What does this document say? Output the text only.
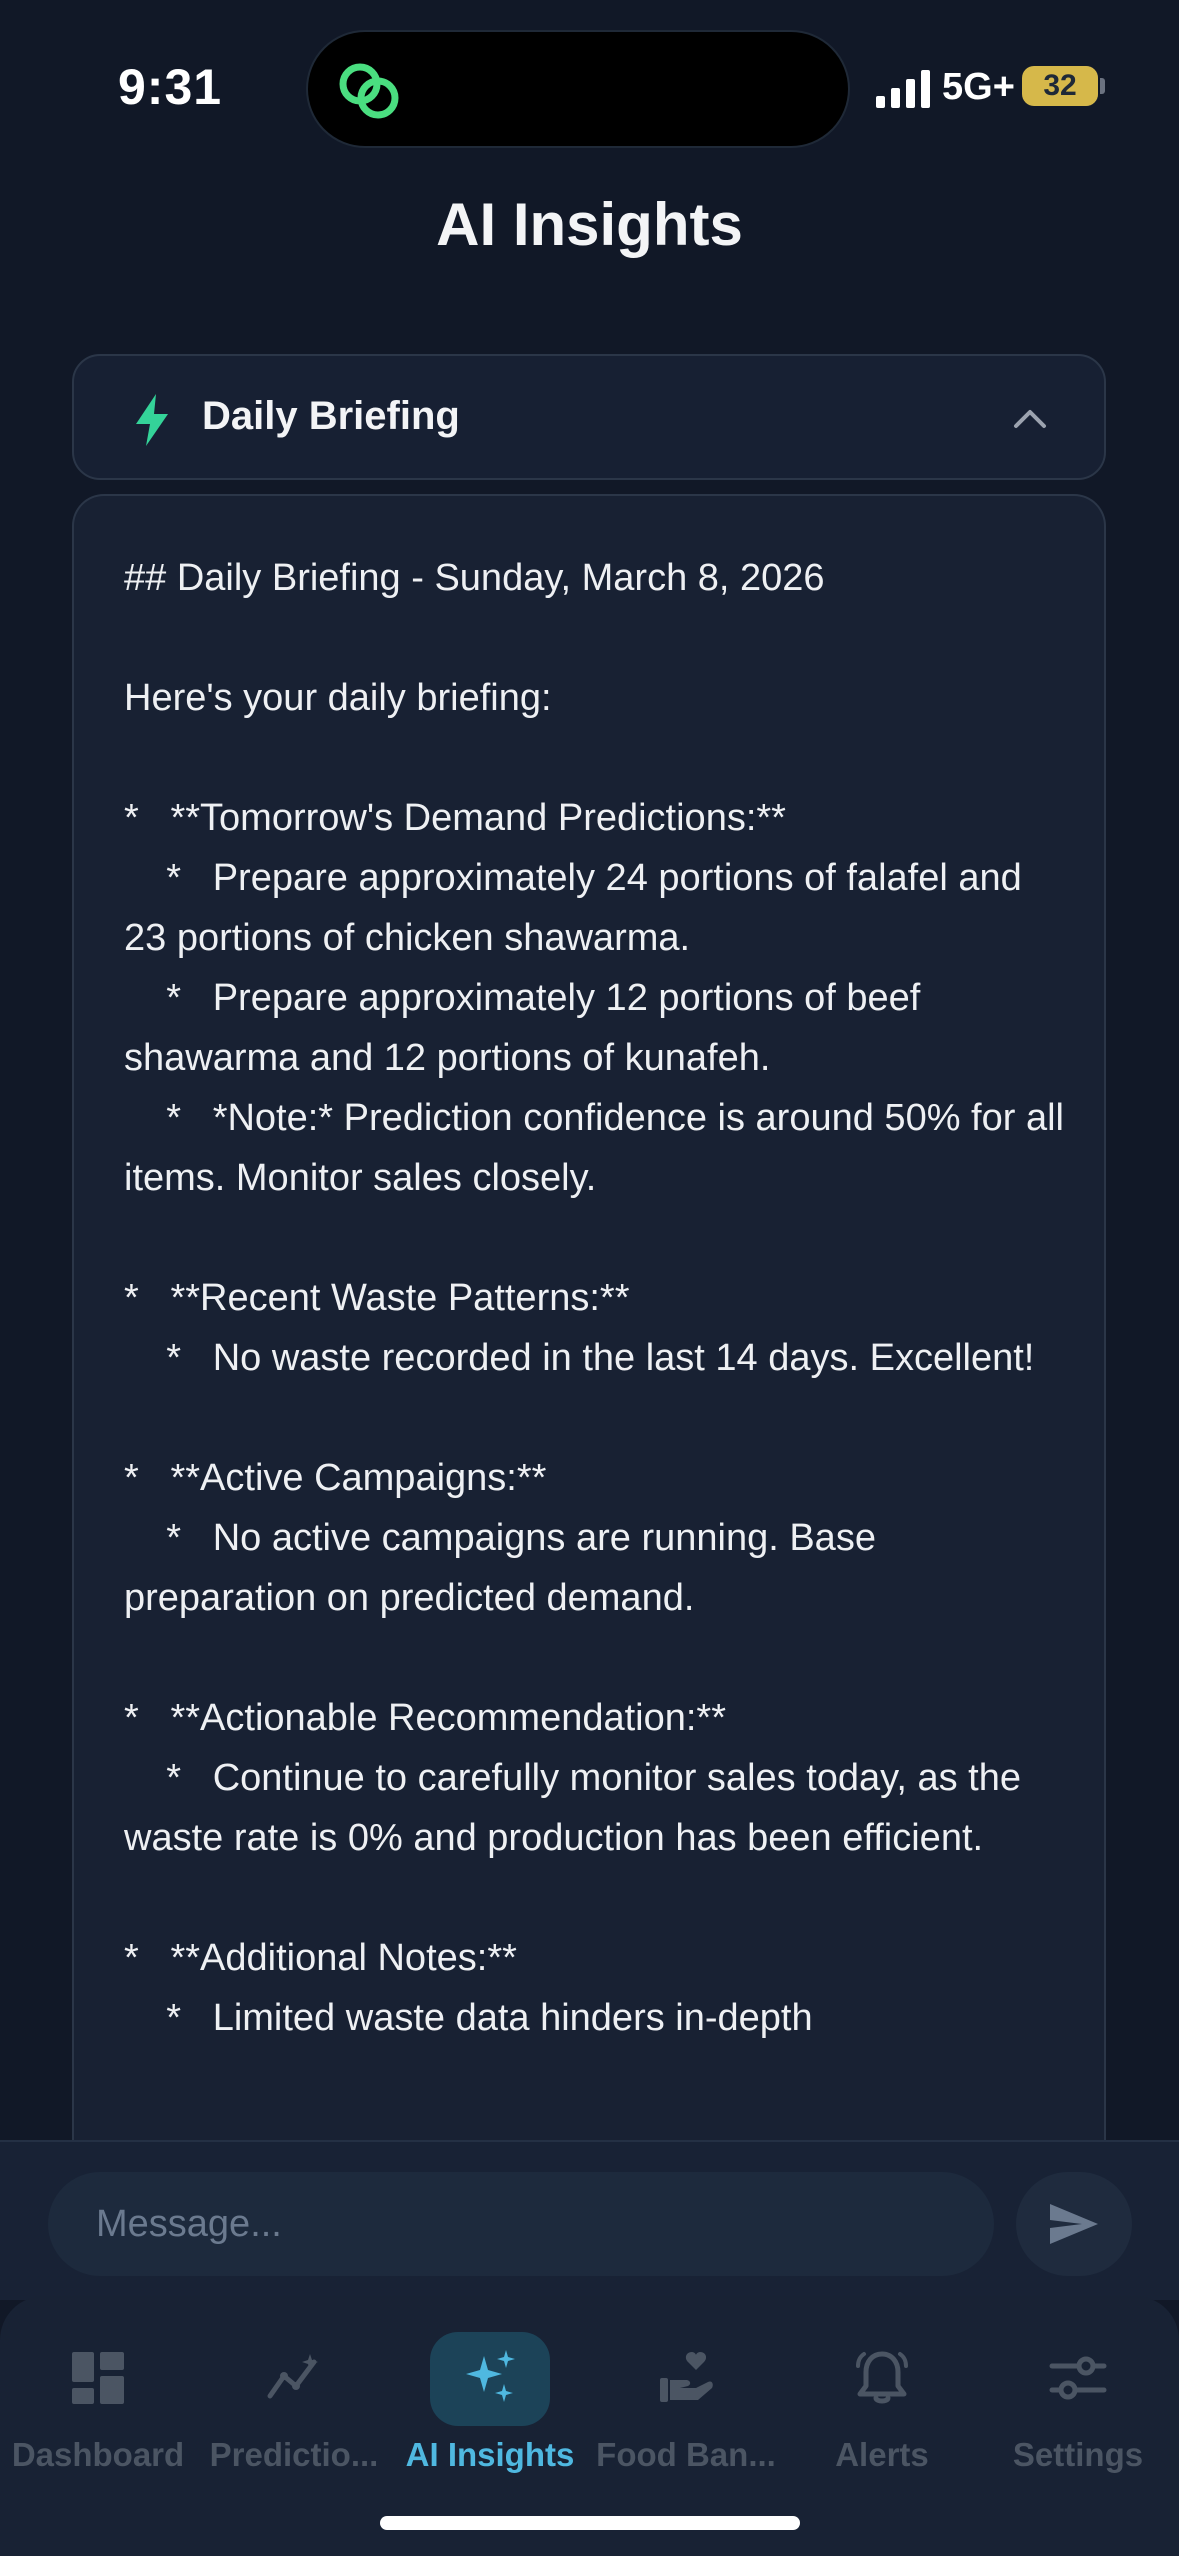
9:31	5G+ 32
AI Insights
Daily Briefing
## Daily Briefing - Sunday, March 8, 2026

Here's your daily briefing:

*   **Tomorrow's Demand Predictions:**
*   Prepare approximately 24 portions of falafel and 23 portions of chicken shawarma.
*   Prepare approximately 12 portions of beef shawarma and 12 portions of kunafeh.
*   *Note:* Prediction confidence is around 50% for all items. Monitor sales closely.

*   **Recent Waste Patterns:**
*   No waste recorded in the last 14 days. Excellent!

*   **Active Campaigns:**
*   No active campaigns are running. Base preparation on predicted demand.

*   **Actionable Recommendation:**
*   Continue to carefully monitor sales today, as the waste rate is 0% and production has been efficient.

*   **Additional Notes:**
*   Limited waste data hinders in-depth
Message...
Dashboard Predictio... AI Insights Food Ban...	Alerts	Settings
